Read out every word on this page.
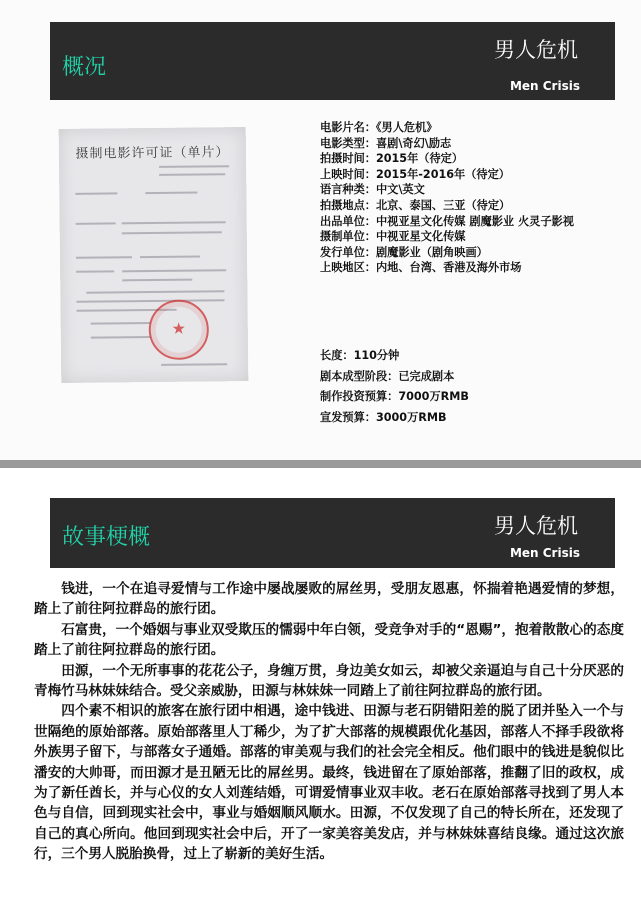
概况
男人危机
Men Crisis
摄制电影许可证（单片）
★
电影片名：《男人危机》
电影类型：喜剧\奇幻\励志
拍摄时间：2015年（待定）
上映时间：2015年-2016年（待定）
语言种类：中文\英文
拍摄地点：北京、泰国、三亚（待定）
出品单位：中视亚星文化传媒 剧魔影业 火灵子影视
摄制单位：中视亚星文化传媒
发行单位：剧魔影业（剧角映画）
上映地区：内地、台湾、香港及海外市场
长度：110分钟
剧本成型阶段：已完成剧本
制作投资预算：7000万RMB
宣发预算：3000万RMB
故事梗概	男人危机
Men Crisis

钱进，一个在追寻爱情与工作途中屡战屡败的屌丝男，受朋友恩惠，怀揣着艳遇爱情的梦想，踏上了前往阿拉群岛的旅行团。

石富贵，一个婚姻与事业双受欺压的懦弱中年白领，受竞争对手的“恩赐”，抱着散散心的态度踏上了前往阿拉群岛的旅行团。

田源，一个无所事事的花花公子，身缠万贯，身边美女如云，却被父亲逼迫与自己十分厌恶的青梅竹马林妹妹结合。受父亲威胁，田源与林妹妹一同踏上了前往阿拉群岛的旅行团。

四个素不相识的旅客在旅行团中相遇，途中钱进、田源与老石阴错阳差的脱了团并坠入一个与世隔绝的原始部落。原始部落里人丁稀少，为了扩大部落的规模跟优化基因，部落人不择手段欲将外族男子留下，与部落女子通婚。部落的审美观与我们的社会完全相反。他们眼中的钱进是貌似比潘安的大帅哥，而田源才是丑陋无比的屌丝男。最终，钱进留在了原始部落，推翻了旧的政权，成为了新任酋长，并与心仪的女人刘莲结婚，可谓爱情事业双丰收。老石在原始部落寻找到了男人本色与自信，回到现实社会中，事业与婚姻顺风顺水。田源，不仅发现了自己的特长所在，还发现了自己的真心所向。他回到现实社会中后，开了一家美容美发店，并与林妹妹喜结良缘。通过这次旅行，三个男人脱胎换骨，过上了崭新的美好生活。
